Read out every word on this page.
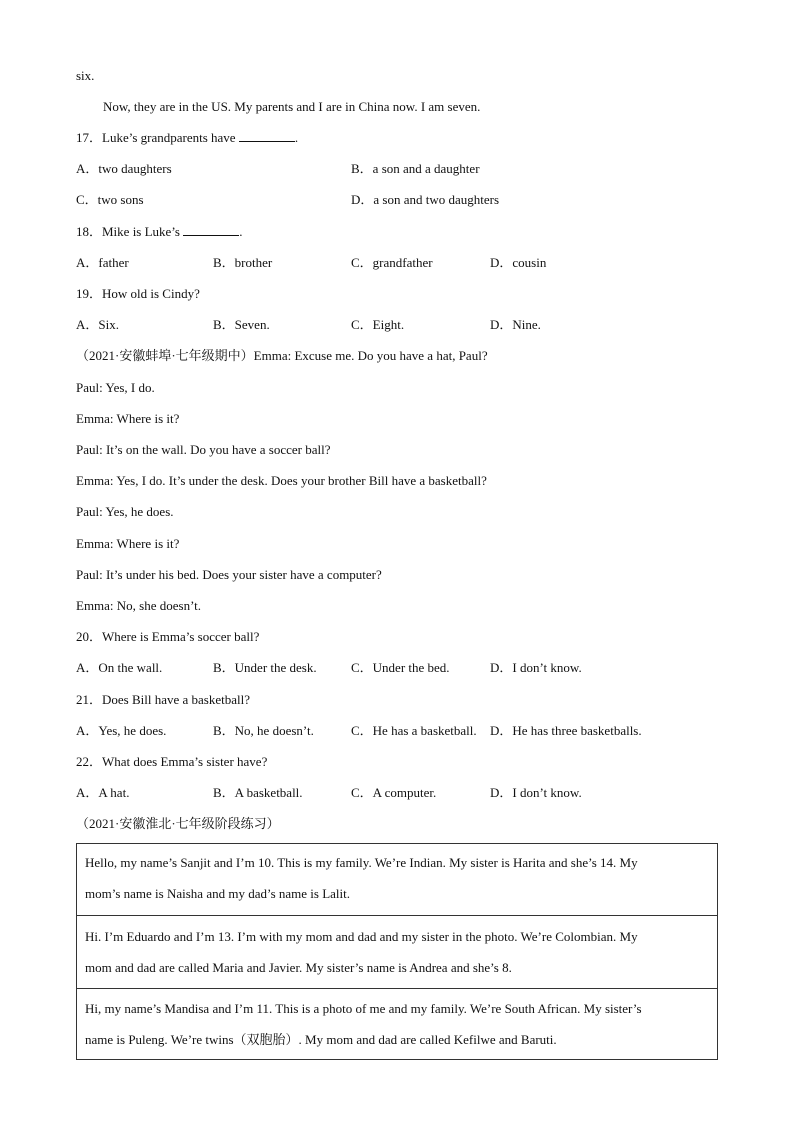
six.
Now, they are in the US. My parents and I are in China now. I am seven.
17．Luke’s grandparents have	.
A．two daughters	B．a son and a daughter
C．two sons	D．a son and two daughters
18．Mike is Luke’s	.
A．father	B．brother	C．grandfather	D．cousin
19．How old is Cindy?
A．Six.	B．Seven.	C．Eight.	D．Nine.
（2021·安徽蚌埠·七年级期中）Emma: Excuse me. Do you have a hat, Paul?
Paul: Yes, I do.
Emma: Where is it?
Paul: It’s on the wall. Do you have a soccer ball?
Emma: Yes, I do. It’s under the desk. Does your brother Bill have a basketball?
Paul: Yes, he does.
Emma: Where is it?
Paul: It’s under his bed. Does your sister have a computer?
Emma: No, she doesn’t.
20．Where is Emma’s soccer ball?
A．On the wall.	B．Under the desk.	C．Under the bed.	D．I don’t know.
21．Does Bill have a basketball?
A．Yes, he does.	B．No, he doesn’t.	C．He has a basketball. D．He has three basketballs.
22．What does Emma’s sister have?
A．A hat.	B．A basketball.	C．A computer.	D．I don’t know.
（2021·安徽淮北·七年级阶段练习）
Hello, my name’s Sanjit and I’m 10. This is my family. We’re Indian. My sister is Harita and she’s 14. My
mom’s name is Naisha and my dad’s name is Lalit.
Hi. I’m Eduardo and I’m 13. I’m with my mom and dad and my sister in the photo. We’re Colombian. My
mom and dad are called Maria and Javier. My sister’s name is Andrea and she’s 8.
Hi, my name’s Mandisa and I’m 11. This is a photo of me and my family. We’re South African. My sister’s
name is Puleng. We’re twins（双胞胎）. My mom and dad are called Kefilwe and Baruti.
